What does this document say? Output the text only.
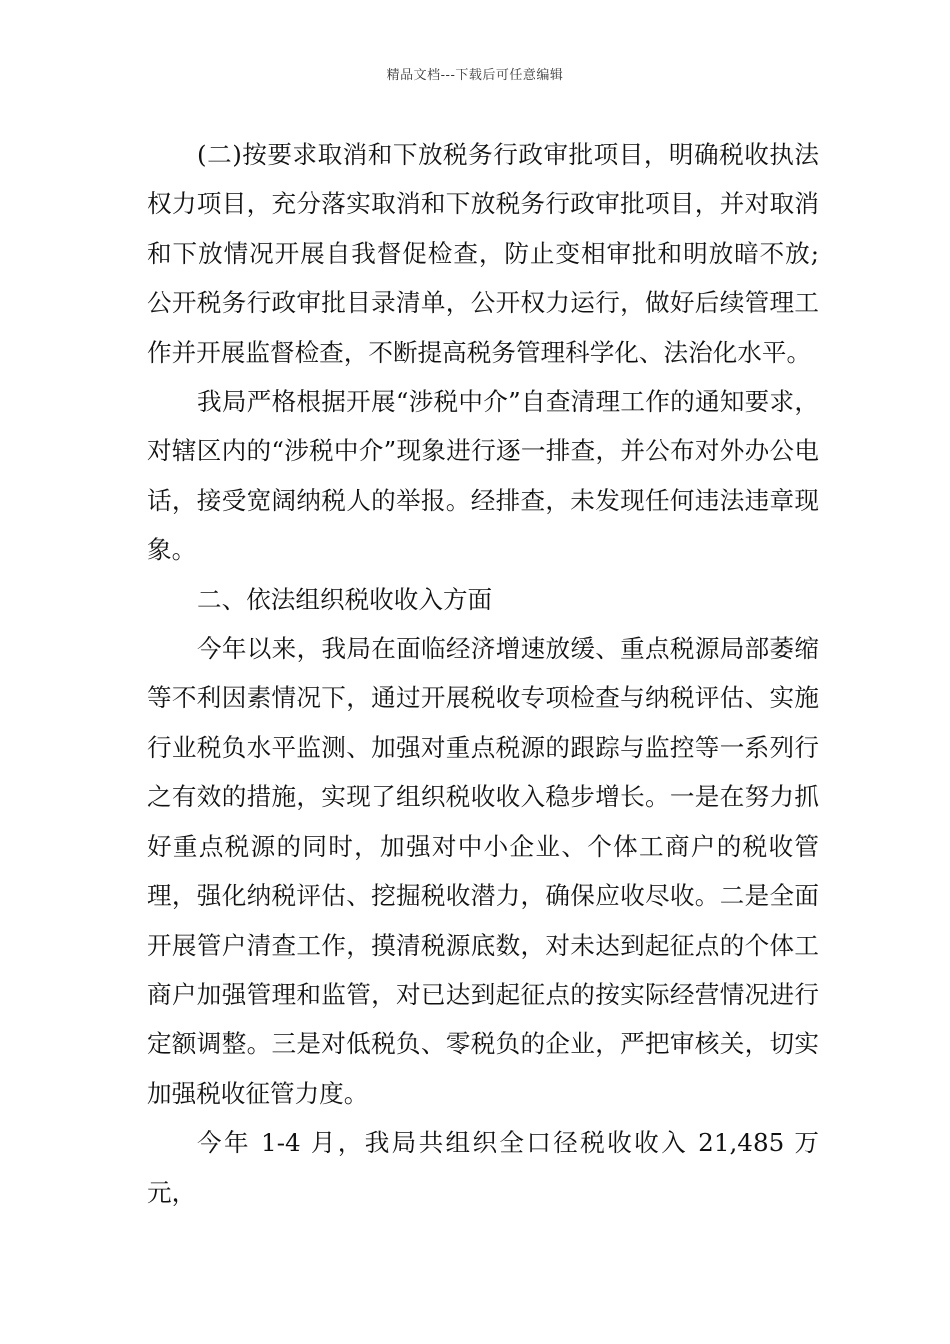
精品文档---下载后可任意编辑

(二)按要求取消和下放税务行政审批项目，明确税收执法权力项目，充分落实取消和下放税务行政审批项目，并对取消和下放情况开展自我督促检查，防止变相审批和明放暗不放;公开税务行政审批目录清单，公开权力运行，做好后续管理工作并开展监督检查，不断提高税务管理科学化、法治化水平。

我局严格根据开展“涉税中介”自查清理工作的通知要求，对辖区内的“涉税中介”现象进行逐一排查，并公布对外办公电话，接受宽阔纳税人的举报。经排查，未发现任何违法违章现象。

二、依法组织税收收入方面

今年以来，我局在面临经济增速放缓、重点税源局部萎缩等不利因素情况下，通过开展税收专项检查与纳税评估、实施行业税负水平监测、加强对重点税源的跟踪与监控等一系列行之有效的措施，实现了组织税收收入稳步增长。一是在努力抓好重点税源的同时，加强对中小企业、个体工商户的税收管理，强化纳税评估、挖掘税收潜力，确保应收尽收。二是全面开展管户清查工作，摸清税源底数，对未达到起征点的个体工商户加强管理和监管，对已达到起征点的按实际经营情况进行定额调整。三是对低税负、零税负的企业，严把审核关，切实加强税收征管力度。

今年 1-4 月，我局共组织全口径税收收入 21,485 万元，
